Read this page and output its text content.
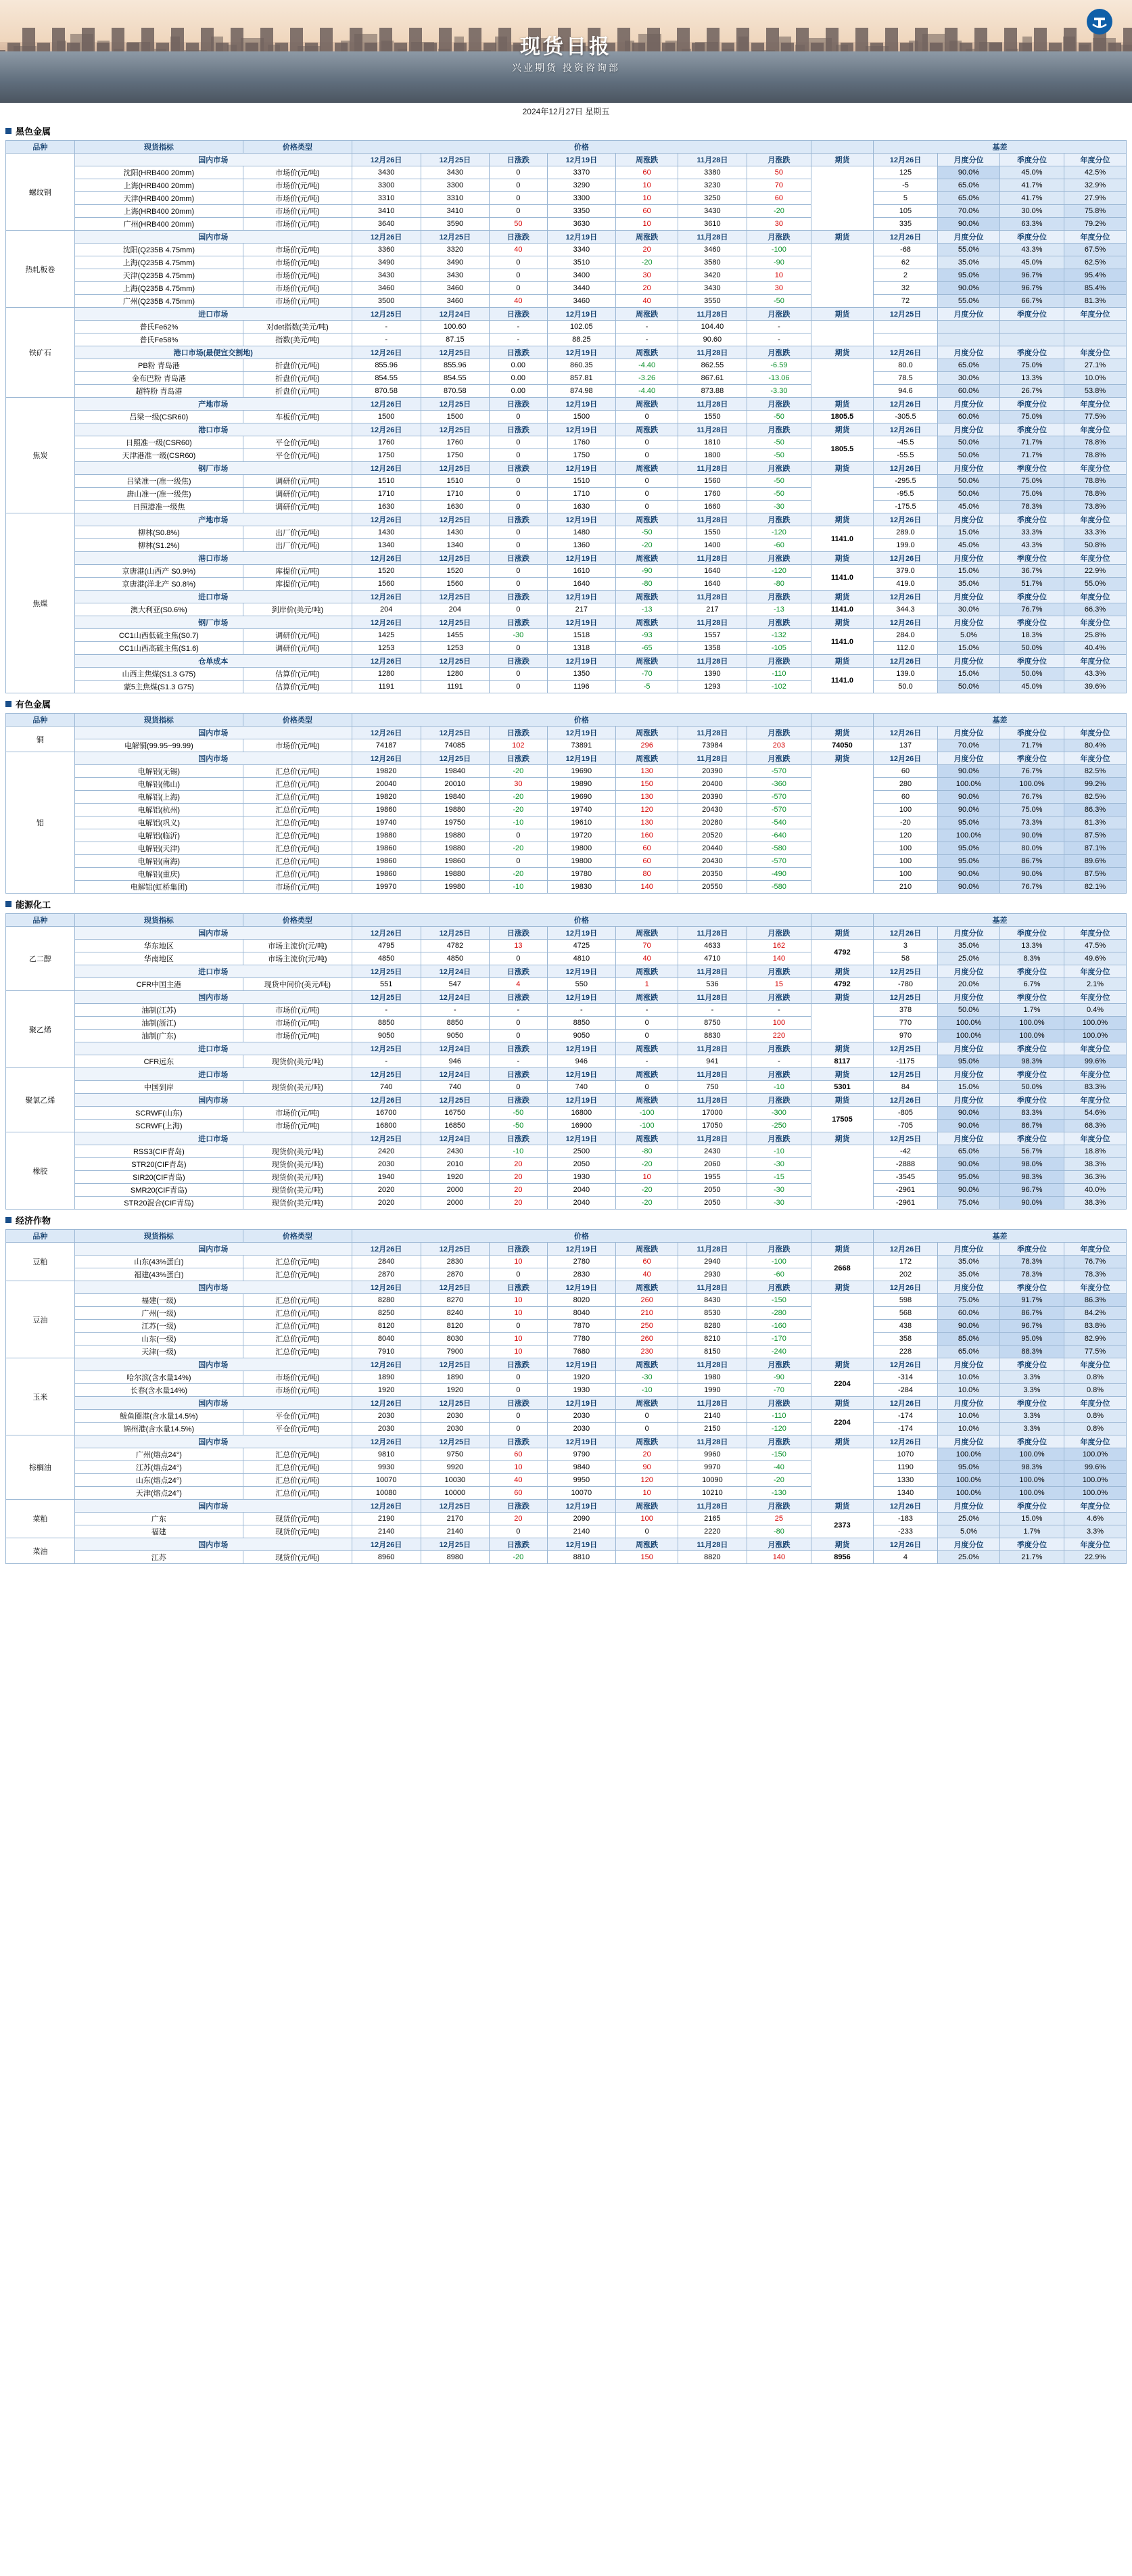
现货日报
兴业期货 投资咨询部
2024年12月27日 星期五
黑色金属
品种	现货指标	价格类型	价格								基差			
螺纹钢	国内市场		12月26日	12月25日	日涨跌	12月19日	周涨跌	11月28日	月涨跌	期货	12月26日	月度分位	季度分位	年度分位
	沈阳(HRB400 20mm)	市场价(元/吨)	3430	3430	0	3370	60	3380	50		125	90.0%	45.0%	42.5%
	上海(HRB400 20mm)	市场价(元/吨)	3300	3300	0	3290	10	3230	70		-5	65.0%	41.7%	32.9%
	天津(HRB400 20mm)	市场价(元/吨)	3310	3310	0	3300	10	3250	60		5	65.0%	41.7%	27.9%
	上海(HRB400 20mm)	市场价(元/吨)	3410	3410	0	3350	60	3430	-20		105	70.0%	30.0%	75.8%
	广州(HRB400 20mm)	市场价(元/吨)	3640	3590	50	3630	10	3610	30		335	90.0%	63.3%	79.2%
热轧板卷	国内市场		12月26日	12月25日	日涨跌	12月19日	周涨跌	11月28日	月涨跌	期货	12月26日	月度分位	季度分位	年度分位
	沈阳(Q235B 4.75mm)	市场价(元/吨)	3360	3320	40	3340	20	3460	-100		-68	55.0%	43.3%	67.5%
	上海(Q235B 4.75mm)	市场价(元/吨)	3490	3490	0	3510	-20	3580	-90		62	35.0%	45.0%	62.5%
	天津(Q235B 4.75mm)	市场价(元/吨)	3430	3430	0	3400	30	3420	10		2	95.0%	96.7%	95.4%
	上海(Q235B 4.75mm)	市场价(元/吨)	3460	3460	0	3440	20	3430	30		32	90.0%	96.7%	85.4%
	广州(Q235B 4.75mm)	市场价(元/吨)	3500	3460	40	3460	40	3550	-50		72	55.0%	66.7%	81.3%
铁矿石	进口市场		12月25日	12月24日	日涨跌	12月19日	周涨跌	11月28日	月涨跌	期货	12月25日	月度分位	季度分位	年度分位
	普氏Fe62%	对det指数(美元/吨)	-	100.60	-	102.05	-	104.40	-					
	普氏Fe58%	指数(美元/吨)	-	87.15	-	88.25	-	90.60	-					
	港口市场(最便宜交割地)		12月26日	12月25日	日涨跌	12月19日	周涨跌	11月28日	月涨跌	期货	12月26日	月度分位	季度分位	年度分位
	PB粉 青岛港	折盘价(元/吨)	855.96	855.96	0.00	860.35	-4.40	862.55	-6.59		80.0	65.0%	75.0%	27.1%
	金布巴粉 青岛港	折盘价(元/吨)	854.55	854.55	0.00	857.81	-3.26	867.61	-13.06		78.5	30.0%	13.3%	10.0%
	超特粉 青岛港	折盘价(元/吨)	870.58	870.58	0.00	874.98	-4.40	873.88	-3.30		94.6	60.0%	26.7%	53.8%
焦炭	产地市场		12月26日	12月25日	日涨跌	12月19日	周涨跌	11月28日	月涨跌	期货	12月26日	月度分位	季度分位	年度分位
	吕梁一级(CSR60)	车板价(元/吨)	1500	1500	0	1500	0	1550	-50	1805.5	-305.5	60.0%	75.0%	77.5%
	港口市场		12月26日	12月25日	日涨跌	12月19日	周涨跌	11月28日	月涨跌	期货	12月26日	月度分位	季度分位	年度分位
	日照准一级(CSR60)	平仓价(元/吨)	1760	1760	0	1760	0	1810	-50	1805.5	-45.5	50.0%	71.7%	78.8%
	天津港准一级(CSR60)	平仓价(元/吨)	1750	1750	0	1750	0	1800	-50		-55.5	50.0%	71.7%	78.8%
	钢厂市场		12月26日	12月25日	日涨跌	12月19日	周涨跌	11月28日	月涨跌	期货	12月26日	月度分位	季度分位	年度分位
	吕梁准一(准一级焦)	调研价(元/吨)	1510	1510	0	1510	0	1560	-50		-295.5	50.0%	75.0%	78.8%
	唐山准一(准一级焦)	调研价(元/吨)	1710	1710	0	1710	0	1760	-50		-95.5	50.0%	75.0%	78.8%
	日照港准一级焦	调研价(元/吨)	1630	1630	0	1630	0	1660	-30		-175.5	45.0%	78.3%	73.8%
焦煤	产地市场		12月26日	12月25日	日涨跌	12月19日	周涨跌	11月28日	月涨跌	期货	12月26日	月度分位	季度分位	年度分位
	柳林(S0.8%)	出厂价(元/吨)	1430	1430	0	1480	-50	1550	-120	1141.0	289.0	15.0%	33.3%	33.3%
	柳林(S1.2%)	出厂价(元/吨)	1340	1340	0	1360	-20	1400	-60		199.0	45.0%	43.3%	50.8%
	港口市场		12月26日	12月25日	日涨跌	12月19日	周涨跌	11月28日	月涨跌	期货	12月26日	月度分位	季度分位	年度分位
	京唐港(山西产 S0.9%)	库提价(元/吨)	1520	1520	0	1610	-90	1640	-120	1141.0	379.0	15.0%	36.7%	22.9%
	京唐港(洋北产 S0.8%)	库提价(元/吨)	1560	1560	0	1640	-80	1640	-80		419.0	35.0%	51.7%	55.0%
	进口市场		12月26日	12月25日	日涨跌	12月19日	周涨跌	11月28日	月涨跌	期货	12月26日	月度分位	季度分位	年度分位
	澳大利亚(S0.6%)	到岸价(美元/吨)	204	204	0	217	-13	217	-13	1141.0	344.3	30.0%	76.7%	66.3%
	钢厂市场		12月26日	12月25日	日涨跌	12月19日	周涨跌	11月28日	月涨跌	期货	12月26日	月度分位	季度分位	年度分位
	CC1山西低硫主焦(S0.7)	调研价(元/吨)	1425	1455	-30	1518	-93	1557	-132	1141.0	284.0	5.0%	18.3%	25.8%
	CC1山西高硫主焦(S1.6)	调研价(元/吨)	1253	1253	0	1318	-65	1358	-105		112.0	15.0%	50.0%	40.4%
	仓单成本		12月26日	12月25日	日涨跌	12月19日	周涨跌	11月28日	月涨跌	期货	12月26日	月度分位	季度分位	年度分位
	山西主焦煤(S1.3 G75)	估算价(元/吨)	1280	1280	0	1350	-70	1390	-110	1141.0	139.0	15.0%	50.0%	43.3%
	蒙5主焦煤(S1.3 G75)	估算价(元/吨)	1191	1191	0	1196	-5	1293	-102		50.0	50.0%	45.0%	39.6%
有色金属
品种	现货指标	价格类型	价格								基差			
铜	国内市场		12月26日	12月25日	日涨跌	12月19日	周涨跌	11月28日	月涨跌	期货	12月26日	月度分位	季度分位	年度分位
	电解铜(99.95~99.99)	市场价(元/吨)	74187	74085	102	73891	296	73984	203	74050	137	70.0%	71.7%	80.4%
铝	国内市场		12月26日	12月25日	日涨跌	12月19日	周涨跌	11月28日	月涨跌	期货	12月26日	月度分位	季度分位	年度分位
	电解铝(无锡)	汇总价(元/吨)	19820	19840	-20	19690	130	20390	-570		60	90.0%	76.7%	82.5%
	电解铝(佛山)	汇总价(元/吨)	20040	20010	30	19890	150	20400	-360		280	100.0%	100.0%	99.2%
	电解铝(上海)	汇总价(元/吨)	19820	19840	-20	19690	130	20390	-570		60	90.0%	76.7%	82.5%
	电解铝(杭州)	汇总价(元/吨)	19860	19880	-20	19740	120	20430	-570		100	90.0%	75.0%	86.3%
	电解铝(巩义)	汇总价(元/吨)	19740	19750	-10	19610	130	20280	-540		-20	95.0%	73.3%	81.3%
	电解铝(临沂)	汇总价(元/吨)	19880	19880	0	19720	160	20520	-640		120	100.0%	90.0%	87.5%
	电解铝(天津)	汇总价(元/吨)	19860	19880	-20	19800	60	20440	-580		100	95.0%	80.0%	87.1%
	电解铝(南海)	汇总价(元/吨)	19860	19860	0	19800	60	20430	-570		100	95.0%	86.7%	89.6%
	电解铝(重庆)	汇总价(元/吨)	19860	19880	-20	19780	80	20350	-490		100	90.0%	90.0%	87.5%
	电解铝(虹桥集团)	市场价(元/吨)	19970	19980	-10	19830	140	20550	-580		210	90.0%	76.7%	82.1%
能源化工
品种	现货指标	价格类型	价格								基差			
乙二醇	国内市场		12月26日	12月25日	日涨跌	12月19日	周涨跌	11月28日	月涨跌	期货	12月26日	月度分位	季度分位	年度分位
	华东地区	市场主流价(元/吨)	4795	4782	13	4725	70	4633	162	4792	3	35.0%	13.3%	47.5%
	华南地区	市场主流价(元/吨)	4850	4850	0	4810	40	4710	140		58	25.0%	8.3%	49.6%
	进口市场		12月25日	12月24日	日涨跌	12月19日	周涨跌	11月28日	月涨跌	期货	12月25日	月度分位	季度分位	年度分位
	CFR中国主港	现货中间价(美元/吨)	551	547	4	550	1	536	15	4792	-780	20.0%	6.7%	2.1%
聚乙烯	国内市场		12月25日	12月24日	日涨跌	12月19日	周涨跌	11月28日	月涨跌	期货	12月25日	月度分位	季度分位	年度分位
	油制(江苏)	市场价(元/吨)	-	-	-	-	-	-	-		378	50.0%	1.7%	0.4%
	油制(浙江)	市场价(元/吨)	8850	8850	0	8850	0	8750	100		770	100.0%	100.0%	100.0%
	油制(广东)	市场价(元/吨)	9050	9050	0	9050	0	8830	220		970	100.0%	100.0%	100.0%
	进口市场		12月25日	12月24日	日涨跌	12月19日	周涨跌	11月28日	月涨跌	期货	12月25日	月度分位	季度分位	年度分位
	CFR远东	现货价(美元/吨)	-	946	-	946	-	941	-	8117	-1175	95.0%	98.3%	99.6%
聚氯乙烯	进口市场		12月25日	12月24日	日涨跌	12月19日	周涨跌	11月28日	月涨跌	期货	12月25日	月度分位	季度分位	年度分位
	中国到岸	现货价(美元/吨)	740	740	0	740	0	750	-10	5301	84	15.0%	50.0%	83.3%
	国内市场		12月26日	12月25日	日涨跌	12月19日	周涨跌	11月28日	月涨跌	期货	12月26日	月度分位	季度分位	年度分位
	SCRWF(山东)	市场价(元/吨)	16700	16750	-50	16800	-100	17000	-300	17505	-805	90.0%	83.3%	54.6%
	SCRWF(上海)	市场价(元/吨)	16800	16850	-50	16900	-100	17050	-250		-705	90.0%	86.7%	68.3%
橡胶	进口市场		12月25日	12月24日	日涨跌	12月19日	周涨跌	11月28日	月涨跌	期货	12月25日	月度分位	季度分位	年度分位
	RSS3(CIF青岛)	现货价(美元/吨)	2420	2430	-10	2500	-80	2430	-10		-42	65.0%	56.7%	18.8%
	STR20(CIF青岛)	现货价(美元/吨)	2030	2010	20	2050	-20	2060	-30		-2888	90.0%	98.0%	38.3%
	SIR20(CIF青岛)	现货价(美元/吨)	1940	1920	20	1930	10	1955	-15		-3545	95.0%	98.3%	36.3%
	SMR20(CIF青岛)	现货价(美元/吨)	2020	2000	20	2040	-20	2050	-30		-2961	90.0%	96.7%	40.0%
	STR20混合(CIF青岛)	现货价(美元/吨)	2020	2000	20	2040	-20	2050	-30		-2961	75.0%	90.0%	38.3%
经济作物
品种	现货指标	价格类型	价格								基差			
豆粕	国内市场		12月26日	12月25日	日涨跌	12月19日	周涨跌	11月28日	月涨跌	期货	12月26日	月度分位	季度分位	年度分位
	山东(43%蛋白)	汇总价(元/吨)	2840	2830	10	2780	60	2940	-100	2668	172	35.0%	78.3%	76.7%
	福建(43%蛋白)	汇总价(元/吨)	2870	2870	0	2830	40	2930	-60		202	35.0%	78.3%	78.3%
豆油	国内市场		12月26日	12月25日	日涨跌	12月19日	周涨跌	11月28日	月涨跌	期货	12月26日	月度分位	季度分位	年度分位
	福建(一级)	汇总价(元/吨)	8280	8270	10	8020	260	8430	-150		598	75.0%	91.7%	86.3%
	广州(一级)	汇总价(元/吨)	8250	8240	10	8040	210	8530	-280		568	60.0%	86.7%	84.2%
	江苏(一级)	汇总价(元/吨)	8120	8120	0	7870	250	8280	-160		438	90.0%	96.7%	83.8%
	山东(一级)	汇总价(元/吨)	8040	8030	10	7780	260	8210	-170		358	85.0%	95.0%	82.9%
	天津(一级)	汇总价(元/吨)	7910	7900	10	7680	230	8150	-240		228	65.0%	88.3%	77.5%
玉米	国内市场		12月26日	12月25日	日涨跌	12月19日	周涨跌	11月28日	月涨跌	期货	12月26日	月度分位	季度分位	年度分位
	哈尔滨(含水量14%)	市场价(元/吨)	1890	1890	0	1920	-30	1980	-90	2204	-314	10.0%	3.3%	0.8%
	长春(含水量14%)	市场价(元/吨)	1920	1920	0	1930	-10	1990	-70		-284	10.0%	3.3%	0.8%
	国内市场		12月26日	12月25日	日涨跌	12月19日	周涨跌	11月28日	月涨跌	期货	12月26日	月度分位	季度分位	年度分位
	鲅鱼圈港(含水量14.5%)	平仓价(元/吨)	2030	2030	0	2030	0	2140	-110	2204	-174	10.0%	3.3%	0.8%
	锦州港(含水量14.5%)	平仓价(元/吨)	2030	2030	0	2030	0	2150	-120		-174	10.0%	3.3%	0.8%
棕榈油	国内市场		12月26日	12月25日	日涨跌	12月19日	周涨跌	11月28日	月涨跌	期货	12月26日	月度分位	季度分位	年度分位
	广州(熔点24°)	汇总价(元/吨)	9810	9750	60	9790	20	9960	-150		1070	100.0%	100.0%	100.0%
	江苏(熔点24°)	汇总价(元/吨)	9930	9920	10	9840	90	9970	-40		1190	95.0%	98.3%	99.6%
	山东(熔点24°)	汇总价(元/吨)	10070	10030	40	9950	120	10090	-20		1330	100.0%	100.0%	100.0%
	天津(熔点24°)	汇总价(元/吨)	10080	10000	60	10070	10	10210	-130		1340	100.0%	100.0%	100.0%
菜粕	国内市场		12月26日	12月25日	日涨跌	12月19日	周涨跌	11月28日	月涨跌	期货	12月26日	月度分位	季度分位	年度分位
	广东	现货价(元/吨)	2190	2170	20	2090	100	2165	25	2373	-183	25.0%	15.0%	4.6%
	福建	现货价(元/吨)	2140	2140	0	2140	0	2220	-80		-233	5.0%	1.7%	3.3%
菜油	国内市场		12月26日	12月25日	日涨跌	12月19日	周涨跌	11月28日	月涨跌	期货	12月26日	月度分位	季度分位	年度分位
	江苏	现货价(元/吨)	8960	8980	-20	8810	150	8820	140	8956	4	25.0%	21.7%	22.9%
